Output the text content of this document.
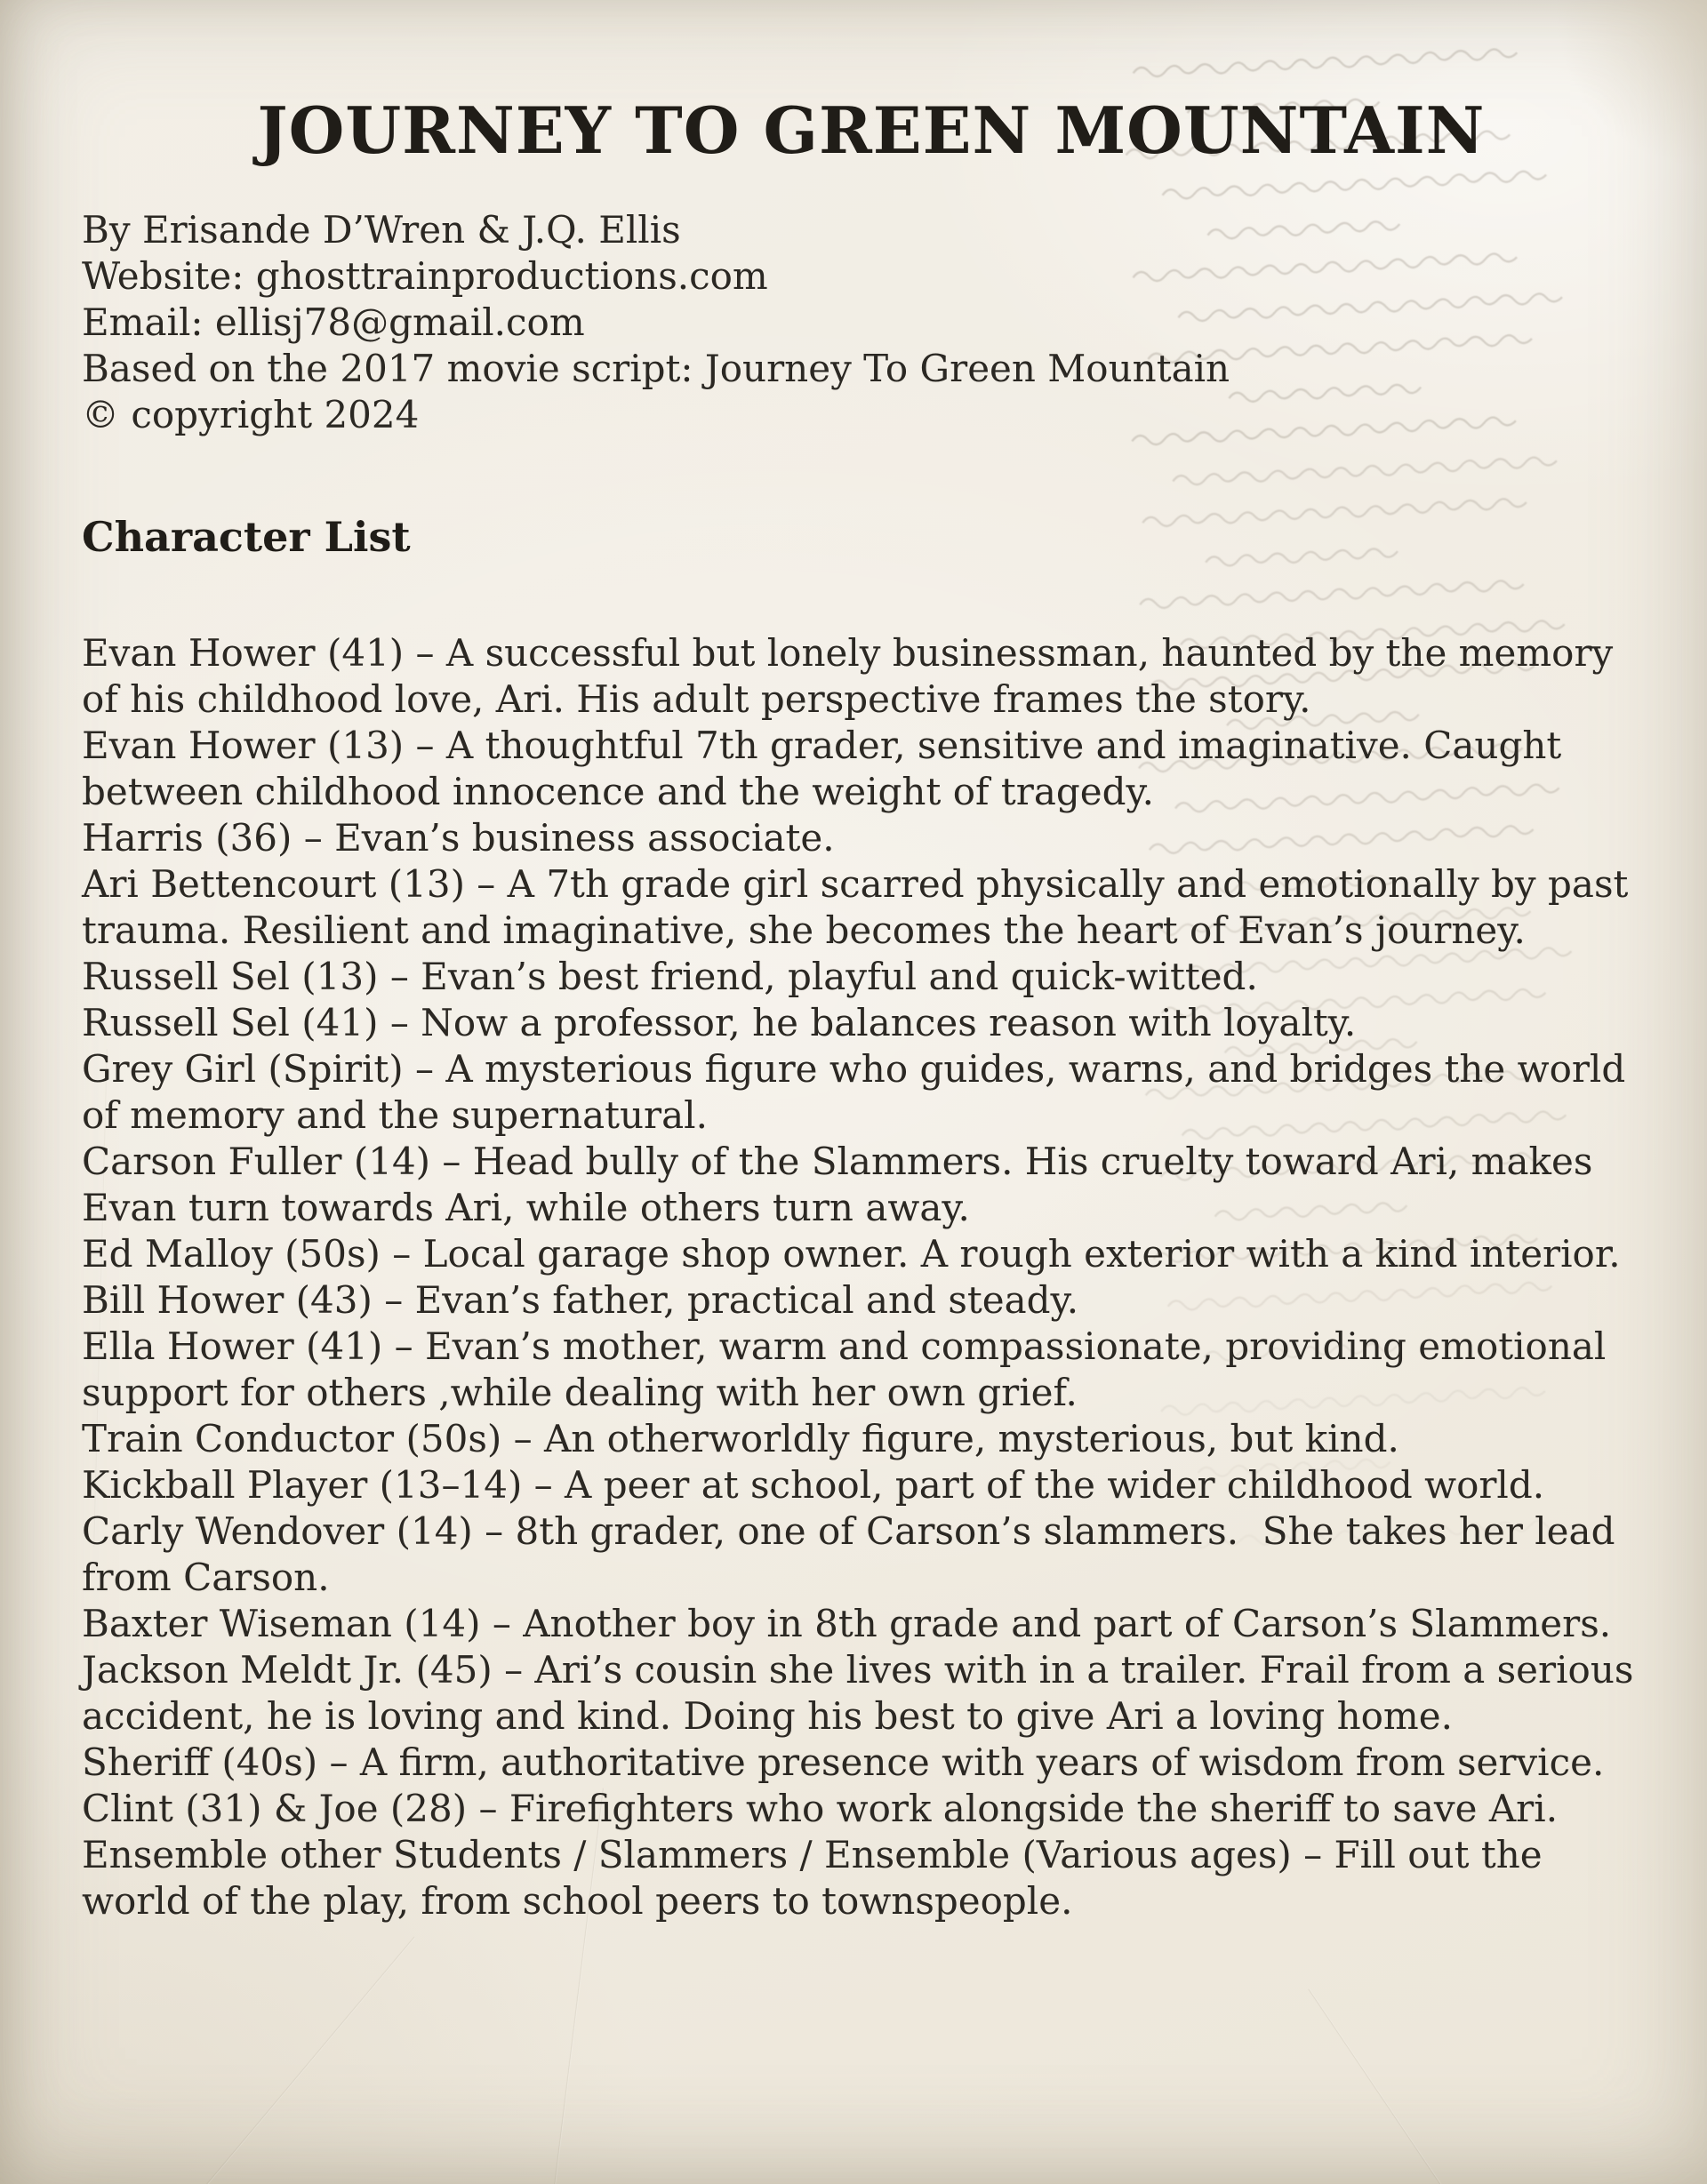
JOURNEY TO GREEN MOUNTAIN

By Erisande D’Wren & J.Q. Ellis

Website: ghosttrainproductions.com

Email: ellisj78@gmail.com

Based on the 2017 movie script: Journey To Green Mountain

© copyright 2024

Character List

Evan Hower (41) – A successful but lonely businessman, haunted by the memory of his childhood love, Ari. His adult perspective frames the story.

Evan Hower (13) – A thoughtful 7th grader, sensitive and imaginative. Caught between childhood innocence and the weight of tragedy.

Harris (36) – Evan’s business associate.

Ari Bettencourt (13) – A 7th grade girl scarred physically and emotionally by past trauma. Resilient and imaginative, she becomes the heart of Evan’s journey.

Russell Sel (13) – Evan’s best friend, playful and quick-witted.

Russell Sel (41) – Now a professor, he balances reason with loyalty.

Grey Girl (Spirit) – A mysterious figure who guides, warns, and bridges the world of memory and the supernatural.

Carson Fuller (14) – Head bully of the Slammers. His cruelty toward Ari, makes Evan turn towards Ari, while others turn away.

Ed Malloy (50s) – Local garage shop owner. A rough exterior with a kind interior.

Bill Hower (43) – Evan’s father, practical and steady.

Ella Hower (41) – Evan’s mother, warm and compassionate, providing emotional support for others ,while dealing with her own grief.

Train Conductor (50s) – An otherworldly figure, mysterious, but kind.

Kickball Player (13–14) – A peer at school, part of the wider childhood world.

Carly Wendover (14) – 8th grader, one of Carson’s slammers.  She takes her lead from Carson.

Baxter Wiseman (14) – Another boy in 8th grade and part of Carson’s Slammers.

Jackson Meldt Jr. (45) – Ari’s cousin she lives with in a trailer. Frail from a serious accident, he is loving and kind. Doing his best to give Ari a loving home.

Sheriff (40s) – A firm, authoritative presence with years of wisdom from service.

Clint (31) & Joe (28) – Firefighters who work alongside the sheriff to save Ari.

Ensemble other Students / Slammers / Ensemble (Various ages) – Fill out the world of the play, from school peers to townspeople.
